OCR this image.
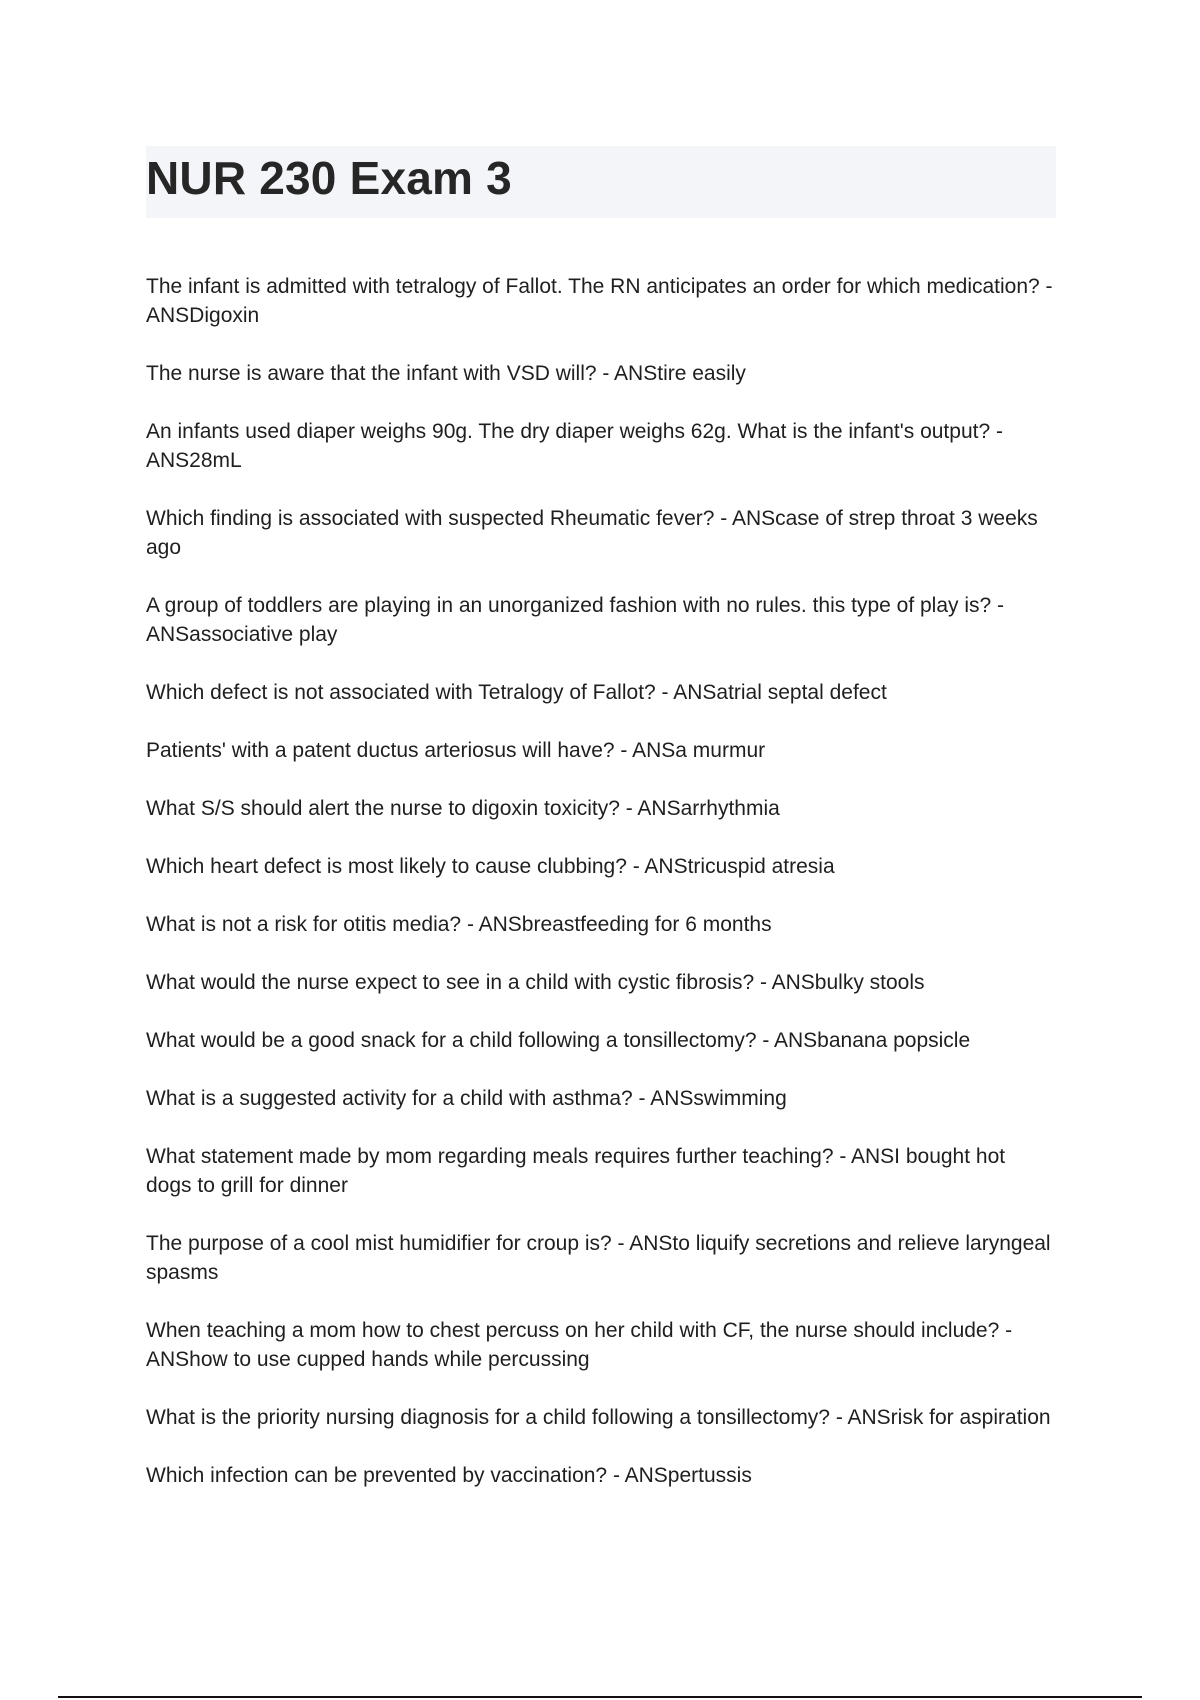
NUR 230 Exam 3
The infant is admitted with tetralogy of Fallot. The RN anticipates an order for which medication? - ANSDigoxin
The nurse is aware that the infant with VSD will? - ANStire easily
An infants used diaper weighs 90g. The dry diaper weighs 62g. What is the infant's output? - ANS28mL
Which finding is associated with suspected Rheumatic fever? - ANScase of strep throat 3 weeks ago
A group of toddlers are playing in an unorganized fashion with no rules. this type of play is? - ANSassociative play
Which defect is not associated with Tetralogy of Fallot? - ANSatrial septal defect
Patients' with a patent ductus arteriosus will have? - ANSa murmur
What S/S should alert the nurse to digoxin toxicity? - ANSarrhythmia
Which heart defect is most likely to cause clubbing? - ANStricuspid atresia
What is not a risk for otitis media? - ANSbreastfeeding for 6 months
What would the nurse expect to see in a child with cystic fibrosis? - ANSbulky stools
What would be a good snack for a child following a tonsillectomy? - ANSbanana popsicle
What is a suggested activity for a child with asthma? - ANSswimming
What statement made by mom regarding meals requires further teaching? - ANSI bought hot dogs to grill for dinner
The purpose of a cool mist humidifier for croup is? - ANSto liquify secretions and relieve laryngeal spasms
When teaching a mom how to chest percuss on her child with CF, the nurse should include? - ANShow to use cupped hands while percussing
What is the priority nursing diagnosis for a child following a tonsillectomy? - ANSrisk for aspiration
Which infection can be prevented by vaccination? - ANSpertussis
